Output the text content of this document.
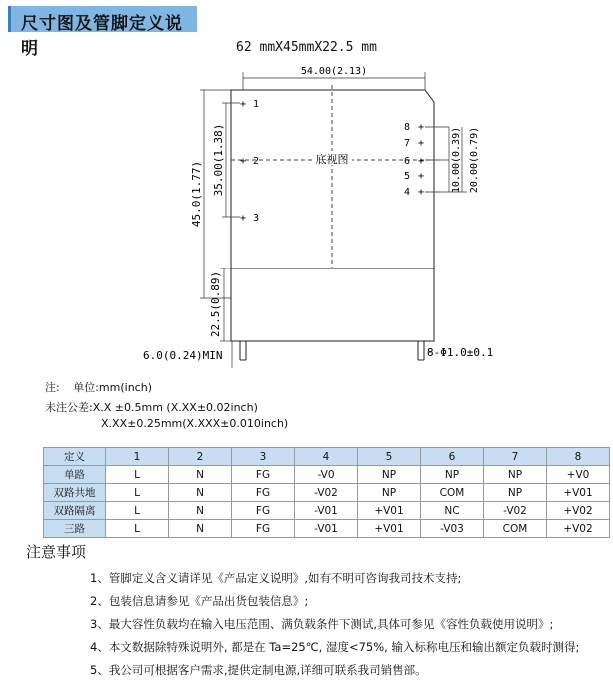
尺寸图及管脚定义说明	62 mmX45mmX22.5 mm
54.00(2.13)
45.0(1.77) 35.00(1.38)
+ 1
+ 2
+ 3
底视图
8 +
7 +
6 +
5 +
4 +	10.00(0.39) 20.00(0.79)
22.5(0.89)
6.0(0.24)MIN	8-Φ1.0±0.1
注: 单位:mm(inch)
未注公差:X.X ±0.5mm (X.XX±0.02inch)
X.XX±0.25mm(X.XXX±0.010inch)
定义	1	2	3	4	5	6	7	8
单路	L	N	FG	-V0	NP	NP	NP	+V0
双路共地	L	N	FG	-V02	NP	COM	NP	+V01
双路隔离	L	N	FG	-V01	+V01	NC	-V02	+V02
三路	L	N	FG	-V01	+V01	-V03	COM	+V02
注意事项
1、管脚定义含义请详见《产品定义说明》,如有不明可咨询我司技术支持;
2、包装信息请参见《产品出货包装信息》;
3、最大容性负载均在输入电压范围、满负载条件下测试,具体可参见《容性负载使用说明》;
4、本文数据除特殊说明外, 都是在 Ta=25℃, 湿度<75%, 输入标称电压和输出额定负载时测得;
5、我公司可根据客户需求,提供定制电源,详细可联系我司销售部。
